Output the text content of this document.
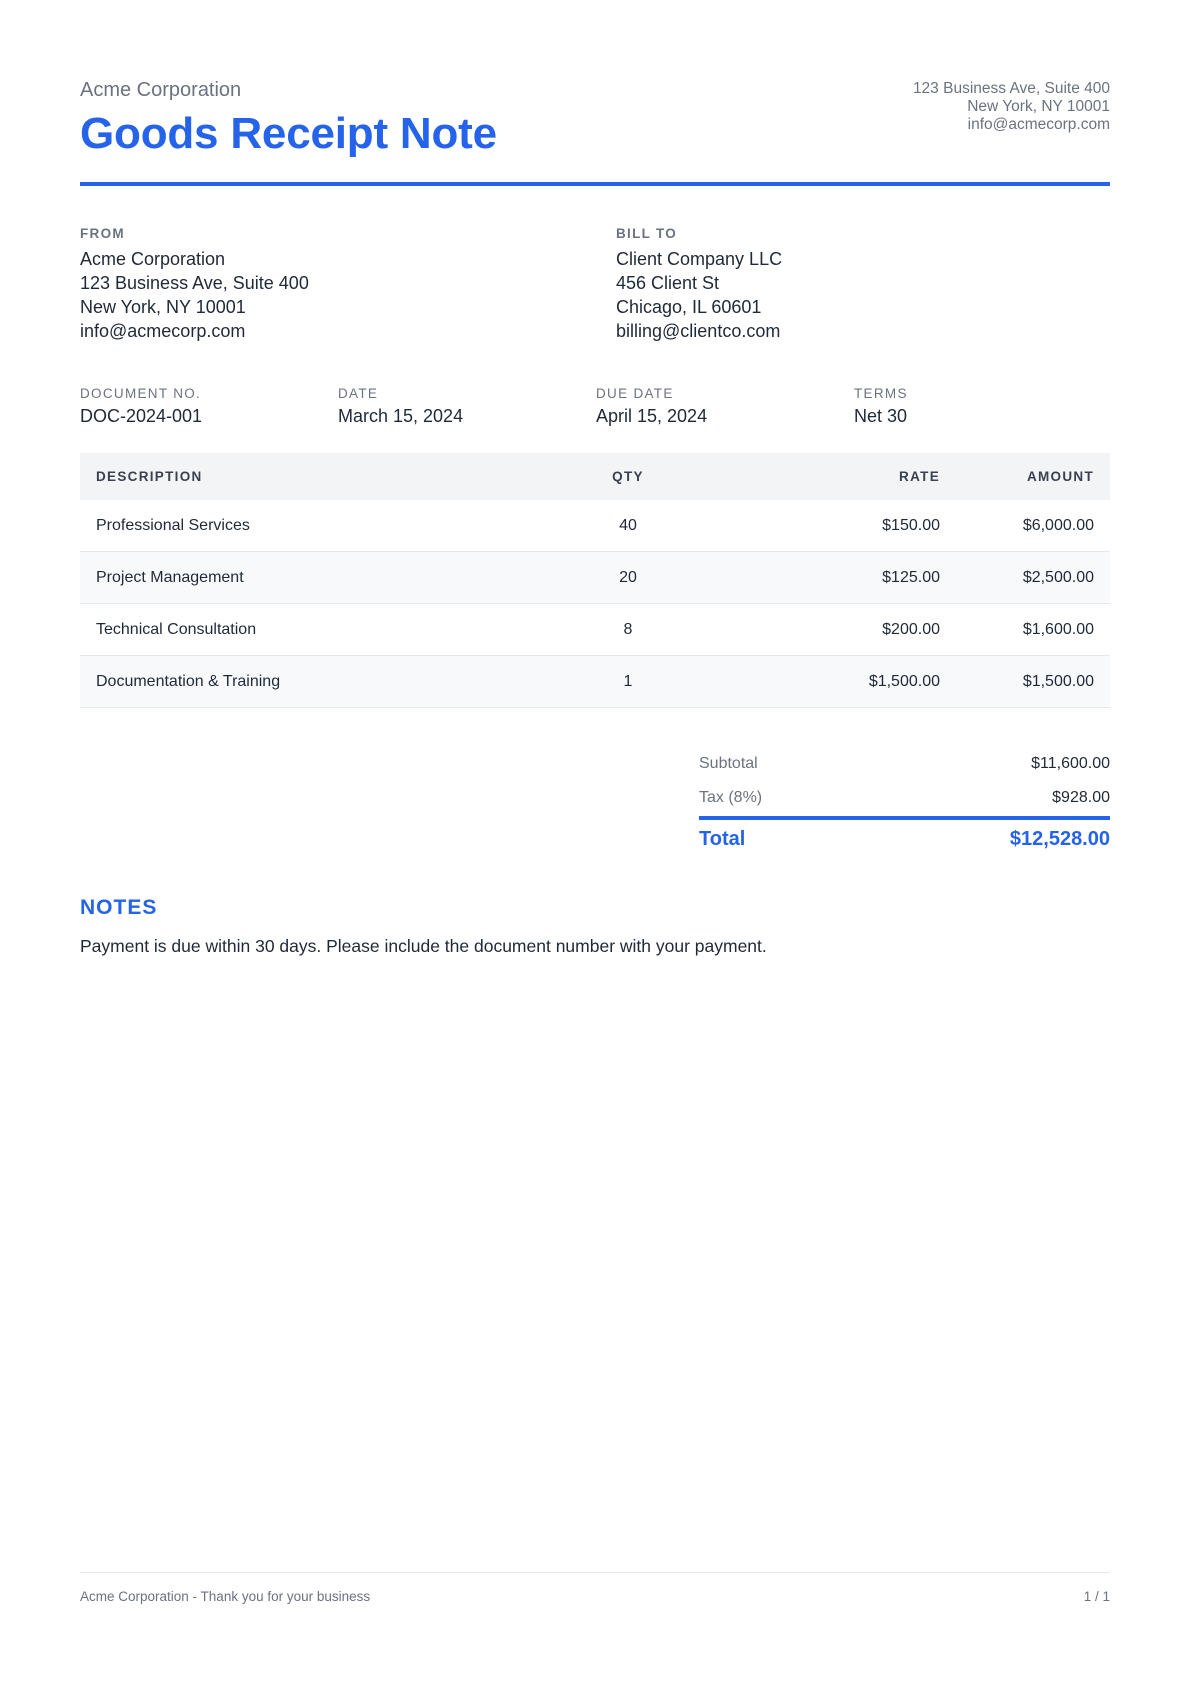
Acme Corporation
Goods Receipt Note
123 Business Ave, Suite 400
New York, NY 10001
info@acmecorp.com
FROM
Acme Corporation
123 Business Ave, Suite 400
New York, NY 10001
info@acmecorp.com
BILL TO
Client Company LLC
456 Client St
Chicago, IL 60601
billing@clientco.com
DOCUMENT NO.
DOC-2024-001
DATE
March 15, 2024
DUE DATE
April 15, 2024
TERMS
Net 30
DESCRIPTION	QTY	RATE	AMOUNT
Professional Services	40	$150.00	$6,000.00
Project Management	20	$125.00	$2,500.00
Technical Consultation	8	$200.00	$1,600.00
Documentation & Training	1	$1,500.00	$1,500.00
Subtotal	$11,600.00
Tax (8%)	$928.00
Total	$12,528.00
NOTES
Payment is due within 30 days. Please include the document number with your payment.
Acme Corporation - Thank you for your business	1 / 1
